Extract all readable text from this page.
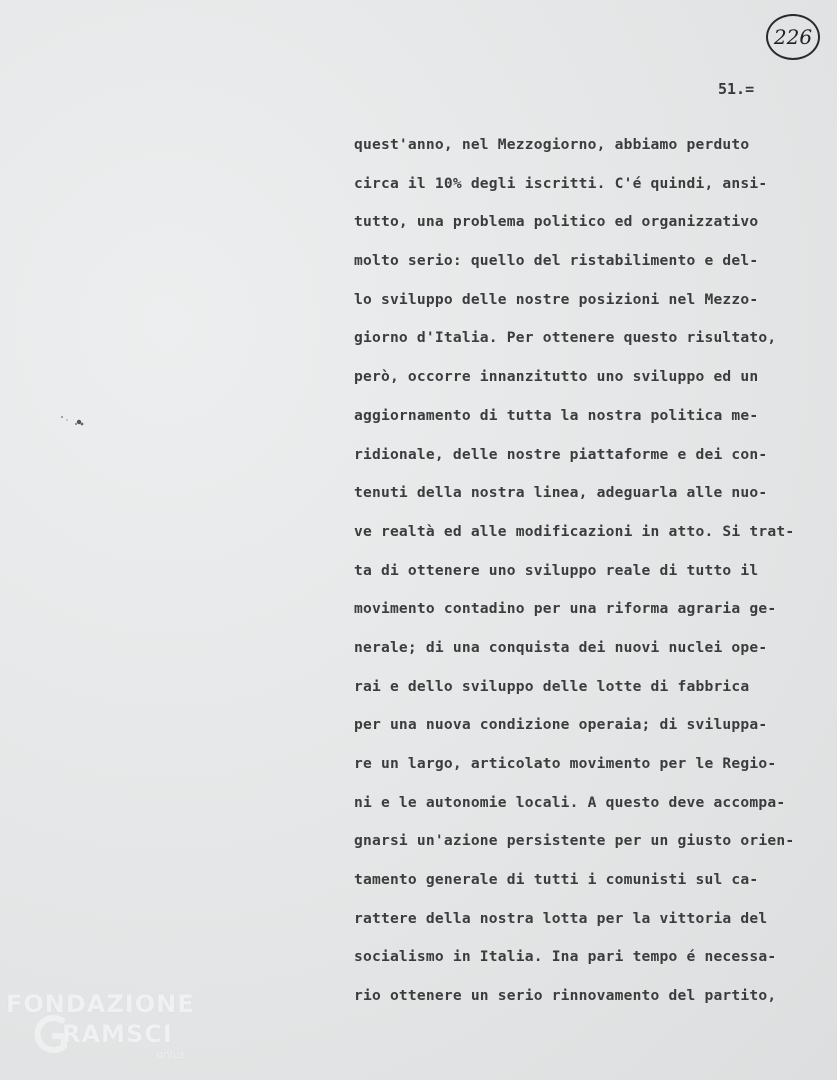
226
51.=
quest'anno, nel Mezzogiorno, abbiamo perduto
circa il 10% degli iscritti. C'é quindi, ansi-
tutto, una problema politico ed organizzativo
molto serio: quello del ristabilimento e del-
lo sviluppo delle nostre posizioni nel Mezzo-
giorno d'Italia. Per ottenere questo risultato,
però, occorre innanzitutto uno sviluppo ed un
aggiornamento di tutta la nostra politica me-
ridionale, delle nostre piattaforme e dei con-
tenuti della nostra linea, adeguarla alle nuo-
ve realtà ed alle modificazioni in atto. Si trat-
ta di ottenere uno sviluppo reale di tutto il
movimento contadino per una riforma agraria ge-
nerale; di una conquista dei nuovi nuclei ope-
rai e dello sviluppo delle lotte di fabbrica
per una nuova condizione operaia; di sviluppa-
re un largo, articolato movimento per le Regio-
ni e le autonomie locali. A questo deve accompa-
gnarsi un'azione persistente per un giusto orien-
tamento generale di tutti i comunisti sul ca-
rattere della nostra lotta per la vittoria del
socialismo in Italia. Ina pari tempo é necessa-
rio ottenere un serio rinnovamento del partito,
FONDAZIONE
RAMSCI
onlus
